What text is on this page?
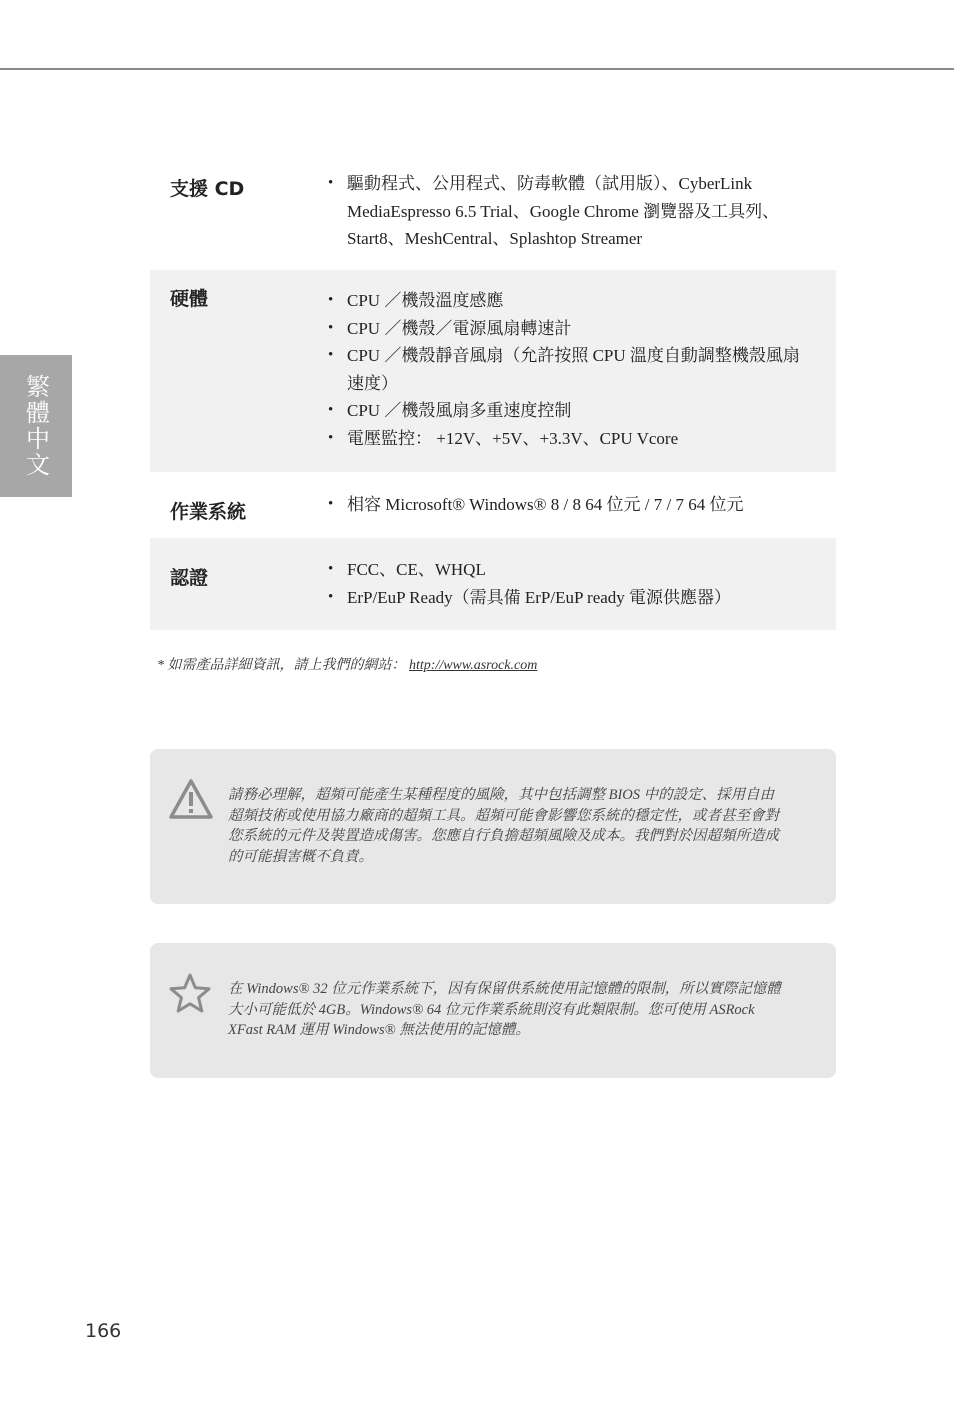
繁體中文
支援 CD	• 驅動程式、公用程式、防毒軟體（試用版）、CyberLink MediaEspresso 6.5 Trial、Google Chrome 瀏覽器及工具列、Start8、MeshCentral、Splashtop Streamer
硬體	• CPU ／機殼溫度感應
• CPU ／機殼／電源風扇轉速計
• CPU ／機殼靜音風扇（允許按照 CPU 溫度自動調整機殼風扇速度）
• CPU ／機殼風扇多重速度控制
• 電壓監控： +12V、+5V、+3.3V、CPU Vcore
作業系統	• 相容 Microsoft® Windows® 8 / 8 64 位元 / 7 / 7 64 位元
認證	• FCC、CE、WHQL
• ErP/EuP Ready（需具備 ErP/EuP ready 電源供應器）
* 如需產品詳細資訊，請上我們的網站： http://www.asrock.com
請務必理解，超頻可能產生某種程度的風險，其中包括調整 BIOS 中的設定、採用自由超頻技術或使用協力廠商的超頻工具。超頻可能會影響您系統的穩定性，或者甚至會對您系統的元件及裝置造成傷害。您應自行負擔超頻風險及成本。我們對於因超頻所造成的可能損害概不負責。
在 Windows® 32 位元作業系統下，因有保留供系統使用記憶體的限制，所以實際記憶體大小可能低於 4GB。Windows® 64 位元作業系統則沒有此類限制。您可使用 ASRock XFast RAM 運用 Windows® 無法使用的記憶體。
166
